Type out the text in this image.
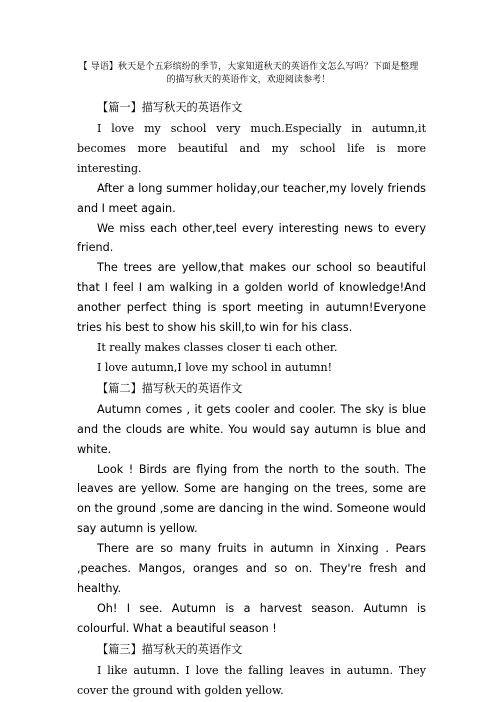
【 导语】秋天是个五彩缤纷的季节，大家知道秋天的英语作文怎么写吗？下面是整理的描写秋天的英语作文，欢迎阅读参考！
【篇一】描写秋天的英语作文

I love my school very much.Especially in autumn,it becomes more beautiful and my school life is more interesting.

After a long summer holiday,our teacher,my lovely friends and I meet again.

We miss each other,teel every interesting news to every friend.

The trees are yellow,that makes our school so beautiful that I feel I am walking in a golden world of knowledge!And another perfect thing is sport meeting in autumn!Everyone tries his best to show his skill,to win for his class.

It really makes classes closer ti each other.

I love autumn,I love my school in autumn!

【篇二】描写秋天的英语作文

Autumn comes , it gets cooler and cooler. The sky is blue and the clouds are white. You would say autumn is blue and white.

Look ! Birds are flying from the north to the south. The leaves are yellow. Some are hanging on the trees, some are on the ground ,some are dancing in the wind. Someone would say autumn is yellow.

There are so many fruits in autumn in Xinxing . Pears ,peaches. Mangos, oranges and so on. They're fresh and healthy.

Oh! I see. Autumn is a harvest season. Autumn is colourful. What a beautiful season !

【篇三】描写秋天的英语作文

I like autumn. I love the falling leaves in autumn. They cover the ground with golden yellow.
